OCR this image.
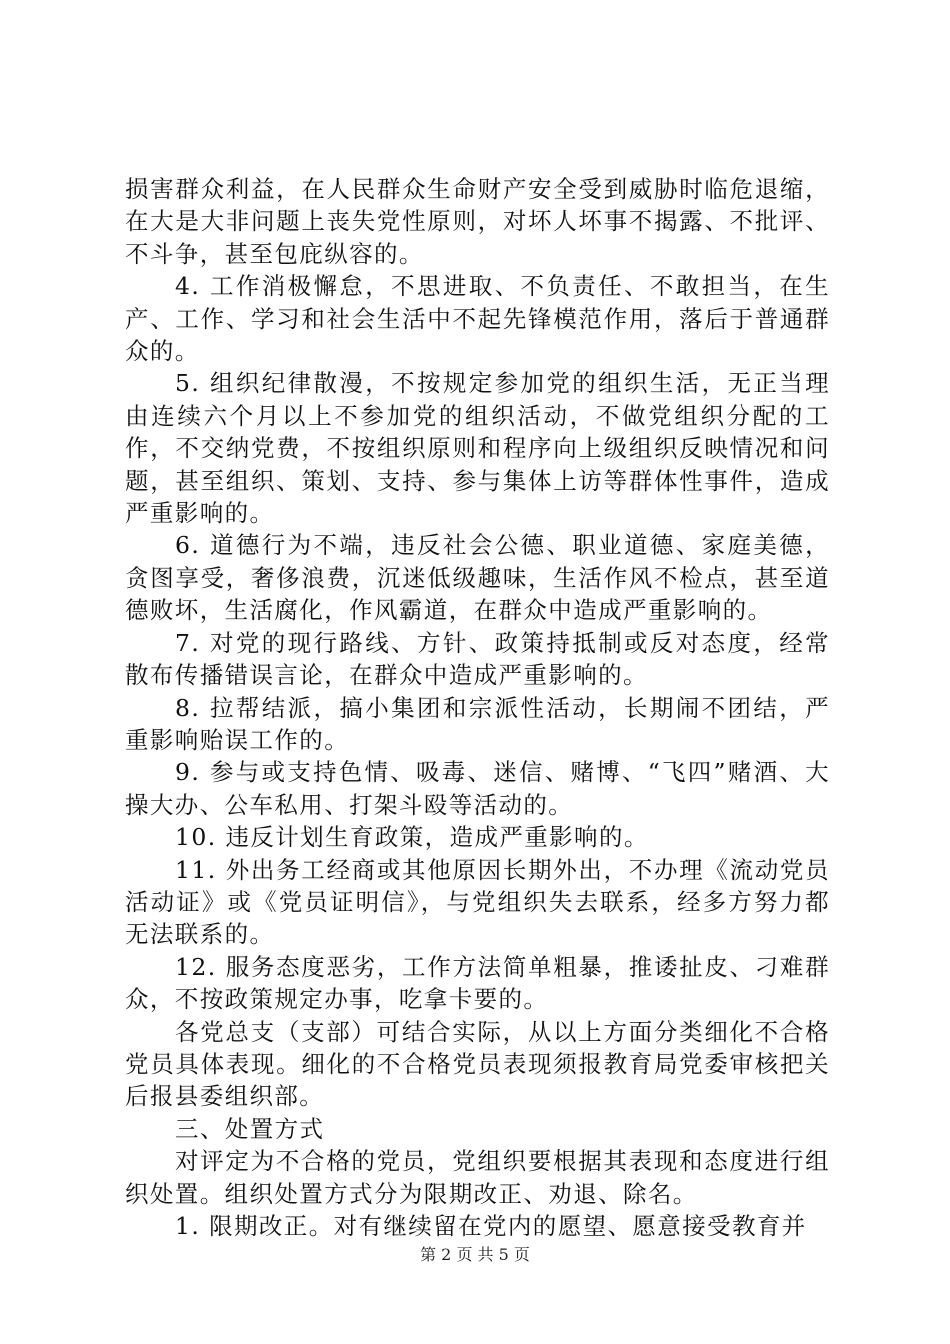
损害群众利益，在人民群众生命财产安全受到威胁时临危退缩，在大是大非问题上丧失党性原则，对坏人坏事不揭露、不批评、不斗争，甚至包庇纵容的。

4. 工作消极懈怠，不思进取、不负责任、不敢担当，在生产、工作、学习和社会生活中不起先锋模范作用，落后于普通群众的。

5. 组织纪律散漫，不按规定参加党的组织生活，无正当理由连续六个月以上不参加党的组织活动，不做党组织分配的工作，不交纳党费，不按组织原则和程序向上级组织反映情况和问题，甚至组织、策划、支持、参与集体上访等群体性事件，造成严重影响的。

6. 道德行为不端，违反社会公德、职业道德、家庭美德，贪图享受，奢侈浪费，沉迷低级趣味，生活作风不检点，甚至道德败坏，生活腐化，作风霸道，在群众中造成严重影响的。

7. 对党的现行路线、方针、政策持抵制或反对态度，经常散布传播错误言论，在群众中造成严重影响的。

8. 拉帮结派，搞小集团和宗派性活动，长期闹不团结，严重影响贻误工作的。

9. 参与或支持色情、吸毒、迷信、赌博、“飞四”赌酒、大操大办、公车私用、打架斗殴等活动的。

10. 违反计划生育政策，造成严重影响的。

11. 外出务工经商或其他原因长期外出，不办理《流动党员活动证》或《党员证明信》，与党组织失去联系，经多方努力都无法联系的。

12. 服务态度恶劣，工作方法简单粗暴，推诿扯皮、刁难群众，不按政策规定办事，吃拿卡要的。

各党总支（支部）可结合实际，从以上方面分类细化不合格党员具体表现。细化的不合格党员表现须报教育局党委审核把关后报县委组织部。

三、处置方式

对评定为不合格的党员，党组织要根据其表现和态度进行组织处置。组织处置方式分为限期改正、劝退、除名。

1. 限期改正。对有继续留在党内的愿望、愿意接受教育并

第 2 页 共 5 页
